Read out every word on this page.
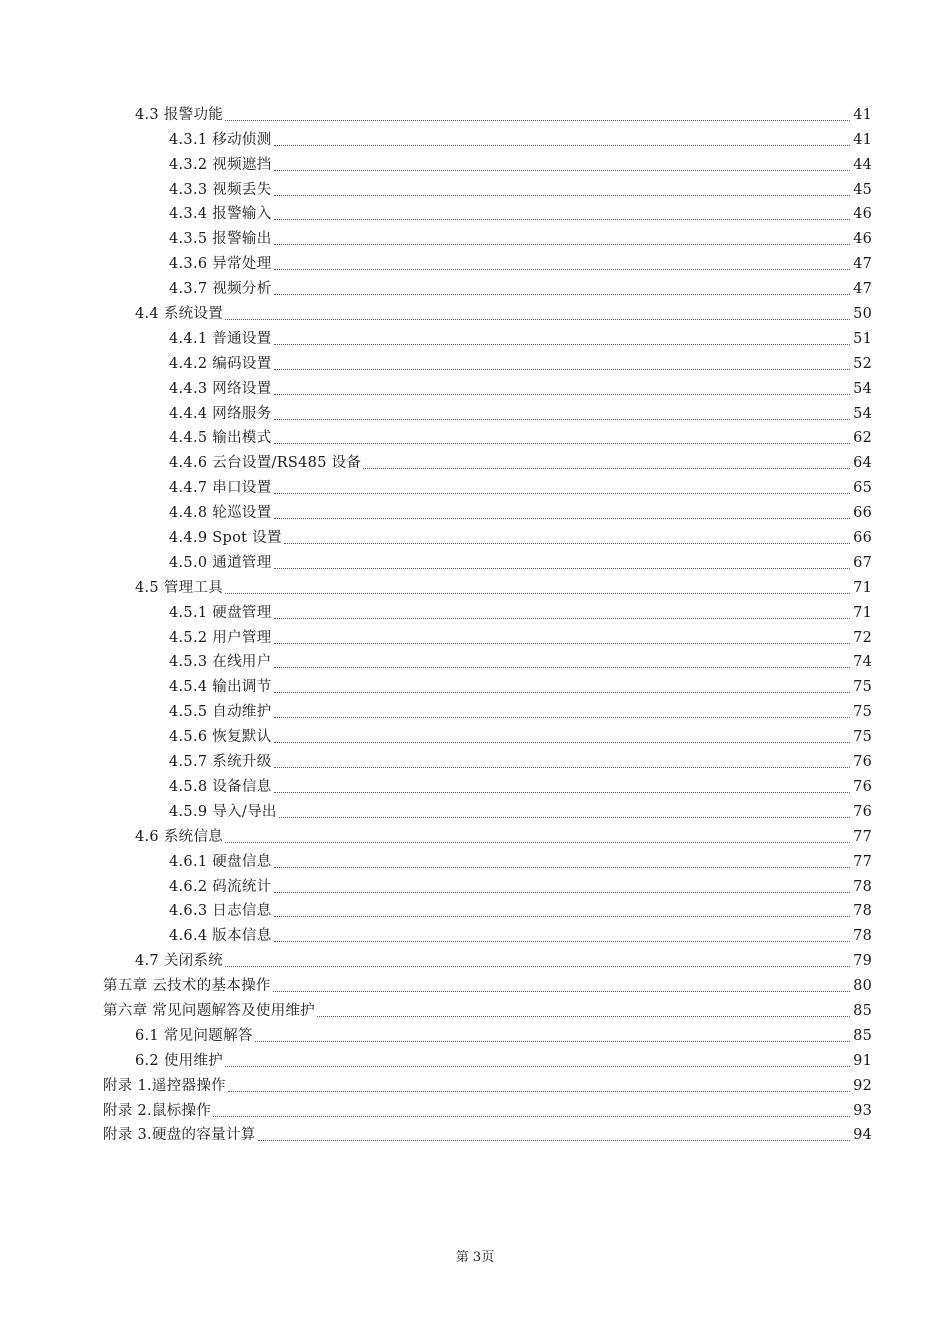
4.3 报警功能	41
4.3.1 移动侦测	41
4.3.2 视频遮挡	44
4.3.3 视频丢失	45
4.3.4 报警输入	46
4.3.5 报警输出	46
4.3.6 异常处理	47
4.3.7 视频分析	47
4.4 系统设置	50
4.4.1 普通设置	51
4.4.2 编码设置	52
4.4.3 网络设置	54
4.4.4 网络服务	54
4.4.5 输出模式	62
4.4.6 云台设置/RS485 设备	64
4.4.7 串口设置	65
4.4.8 轮巡设置	66
4.4.9 Spot 设置	66
4.5.0 通道管理	67
4.5 管理工具	71
4.5.1 硬盘管理	71
4.5.2 用户管理	72
4.5.3 在线用户	74
4.5.4 输出调节	75
4.5.5 自动维护	75
4.5.6 恢复默认	75
4.5.7 系统升级	76
4.5.8 设备信息	76
4.5.9 导入/导出	76
4.6 系统信息	77
4.6.1 硬盘信息	77
4.6.2 码流统计	78
4.6.3 日志信息	78
4.6.4 版本信息	78
4.7 关闭系统	79
第五章 云技术的基本操作	80
第六章 常见问题解答及使用维护	85
6.1 常见问题解答	85
6.2 使用维护	91
附录 1.遥控器操作	92
附录 2.鼠标操作	93
附录 3.硬盘的容量计算	94
第 3页
